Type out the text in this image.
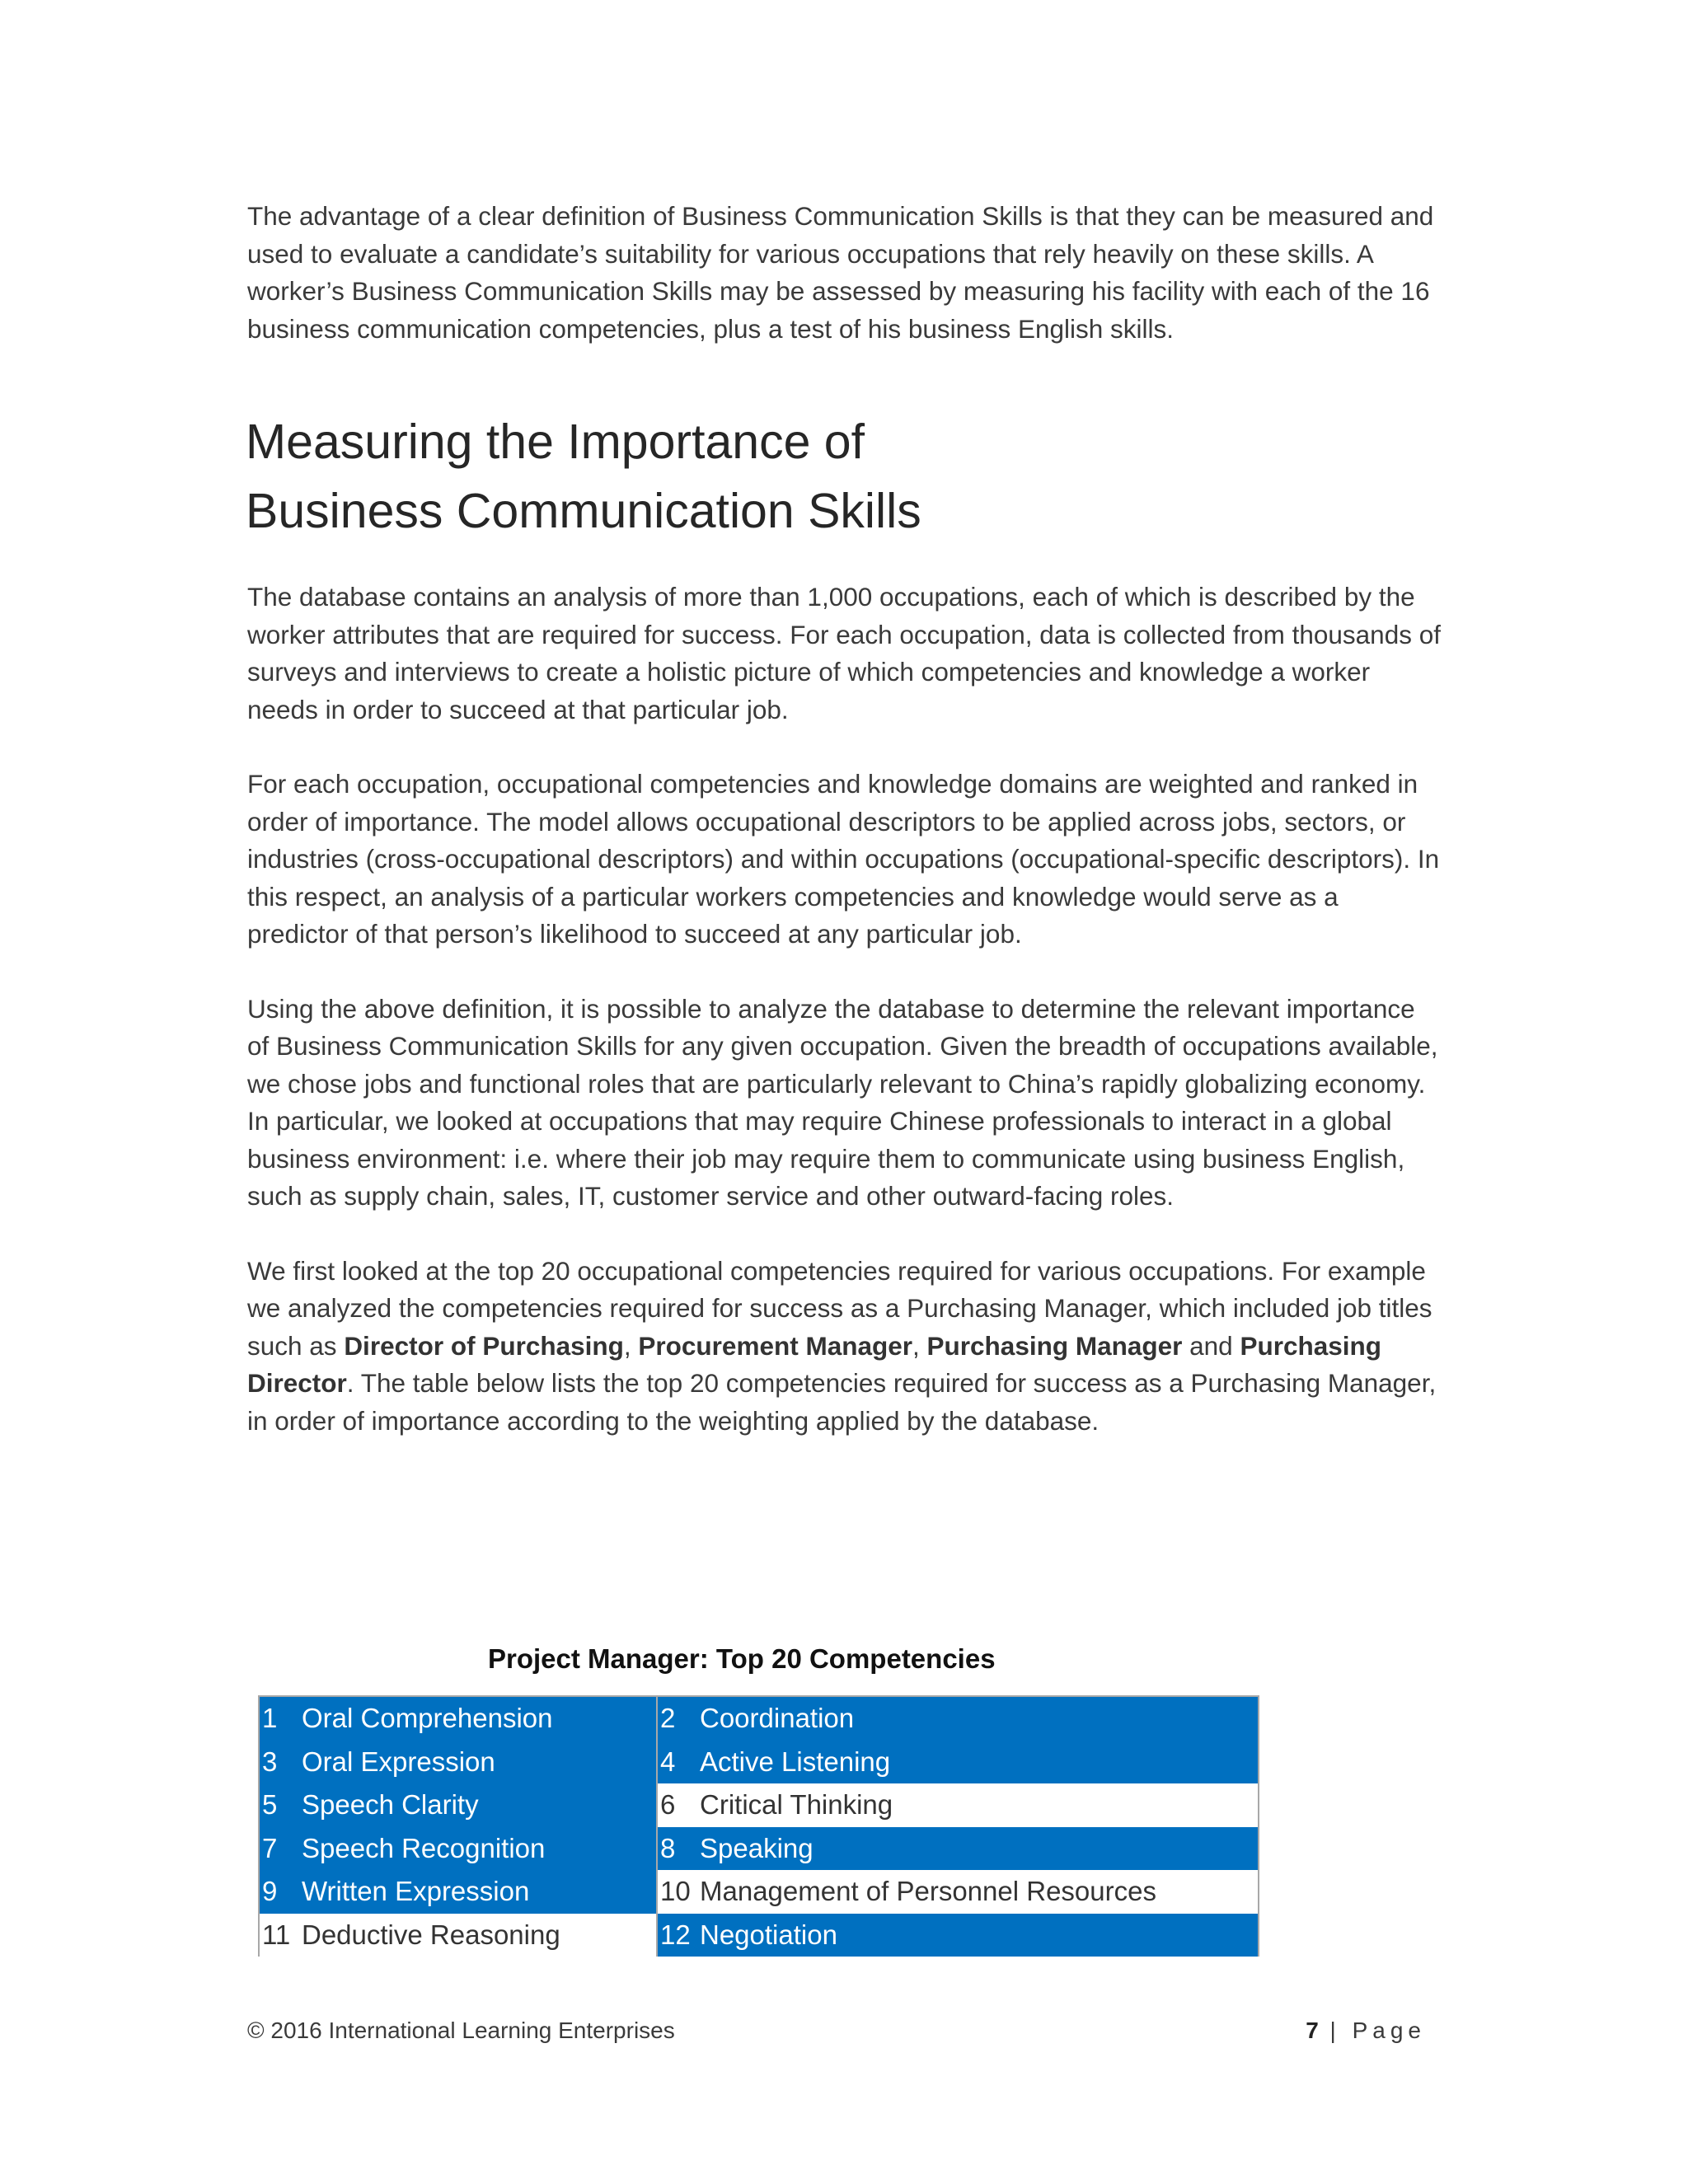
The advantage of a clear definition of Business Communication Skills is that they can be measured and used to evaluate a candidate’s suitability for various occupations that rely heavily on these skills. A worker’s Business Communication Skills may be assessed by measuring his facility with each of the 16 business communication competencies, plus a test of his business English skills.

Measuring the Importance of
Business Communication Skills

The database contains an analysis of more than 1,000 occupations, each of which is described by the worker attributes that are required for success. For each occupation, data is collected from thousands of surveys and interviews to create a holistic picture of which competencies and knowledge a worker needs in order to succeed at that particular job.

For each occupation, occupational competencies and knowledge domains are weighted and ranked in order of importance. The model allows occupational descriptors to be applied across jobs, sectors, or industries (cross-occupational descriptors) and within occupations (occupational-specific descriptors). In this respect, an analysis of a particular workers competencies and knowledge would serve as a predictor of that person’s likelihood to succeed at any particular job.

Using the above definition, it is possible to analyze the database to determine the relevant importance of Business Communication Skills for any given occupation. Given the breadth of occupations available, we chose jobs and functional roles that are particularly relevant to China’s rapidly globalizing economy. In particular, we looked at occupations that may require Chinese professionals to interact in a global business environment: i.e. where their job may require them to communicate using business English, such as supply chain, sales, IT, customer service and other outward-facing roles.

We first looked at the top 20 occupational competencies required for various occupations. For example we analyzed the competencies required for success as a Purchasing Manager, which included job titles such as Director of Purchasing, Procurement Manager, Purchasing Manager and Purchasing Director. The table below lists the top 20 competencies required for success as a Purchasing Manager, in order of importance according to the weighting applied by the database.

Project Manager: Top 20 Competencies
1 Oral Comprehension	2 Coordination
3 Oral Expression	4 Active Listening
5 Speech Clarity	6 Critical Thinking
7 Speech Recognition	8 Speaking
9 Written Expression	10 Management of Personnel Resources
11 Deductive Reasoning	12 Negotiation
© 2016 International Learning Enterprises	7 | Page
